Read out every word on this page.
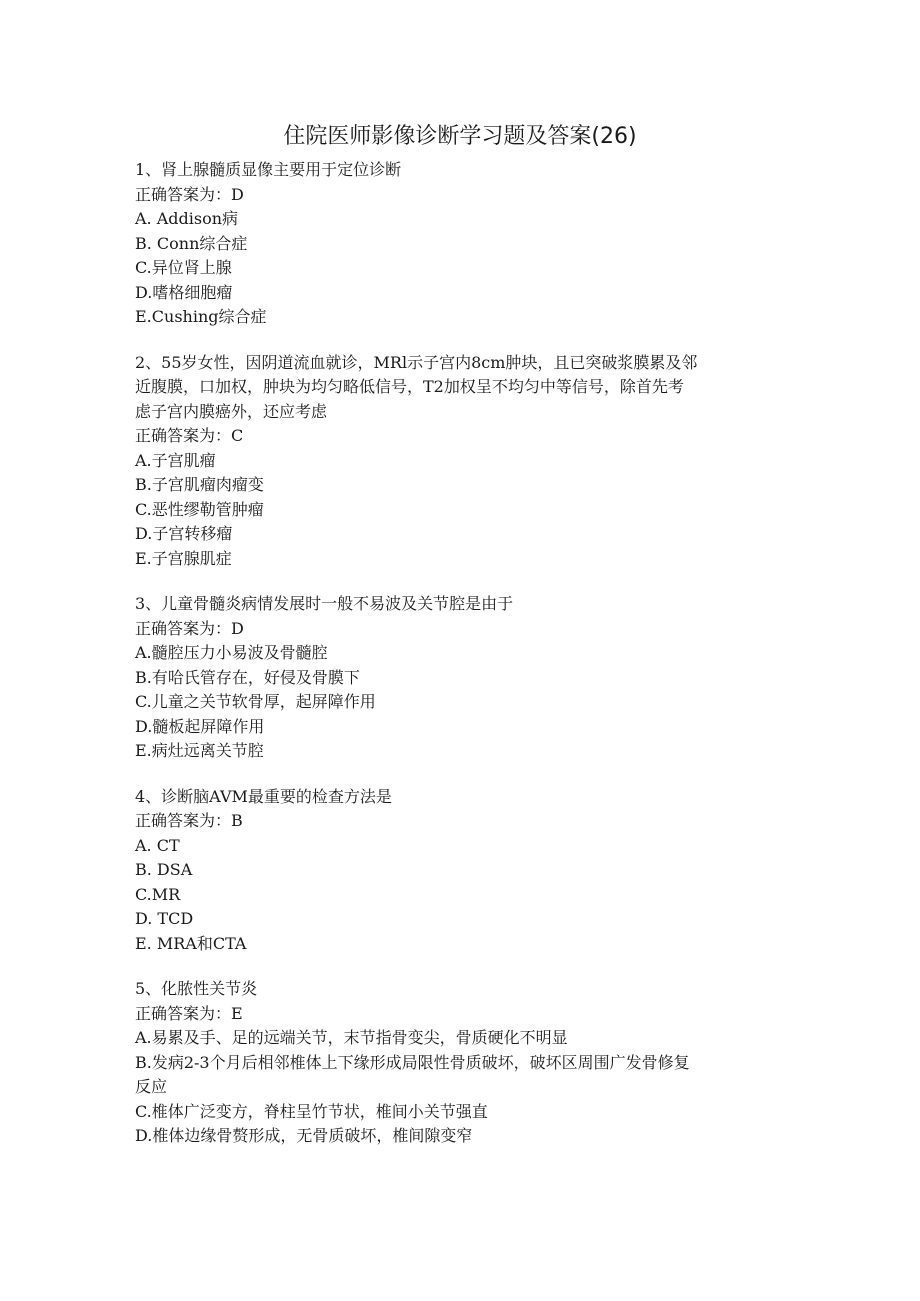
住院医师影像诊断学习题及答案(26)
1、肾上腺髓质显像主要用于定位诊断
正确答案为：D
A. Addison病
B. Conn综合症
C.异位肾上腺
D.嗜格细胞瘤
E.Cushing综合症
2、55岁女性，因阴道流血就诊，MRl示子宫内8cm肿块，且已突破浆膜累及邻
近腹膜，口加权，肿块为均匀略低信号，T2加权呈不均匀中等信号，除首先考
虑子宫内膜癌外，还应考虑
正确答案为：C
A.子宫肌瘤
B.子宫肌瘤肉瘤变
C.恶性缪勒管肿瘤
D.子宫转移瘤
E.子宫腺肌症
3、儿童骨髓炎病情发展时一般不易波及关节腔是由于
正确答案为：D
A.髓腔压力小易波及骨髓腔
B.有哈氏管存在，好侵及骨膜下
C.儿童之关节软骨厚，起屏障作用
D.髓板起屏障作用
E.病灶远离关节腔
4、诊断脑AVM最重要的检查方法是
正确答案为：B
A. CT
B. DSA
C.MR
D. TCD
E. MRA和CTA
5、化脓性关节炎
正确答案为：E
A.易累及手、足的远端关节，末节指骨变尖，骨质硬化不明显
B.发病2-3个月后相邻椎体上下缘形成局限性骨质破坏，破坏区周围广发骨修复
反应
C.椎体广泛变方，脊柱呈竹节状，椎间小关节强直
D.椎体边缘骨赘形成，无骨质破坏，椎间隙变窄
